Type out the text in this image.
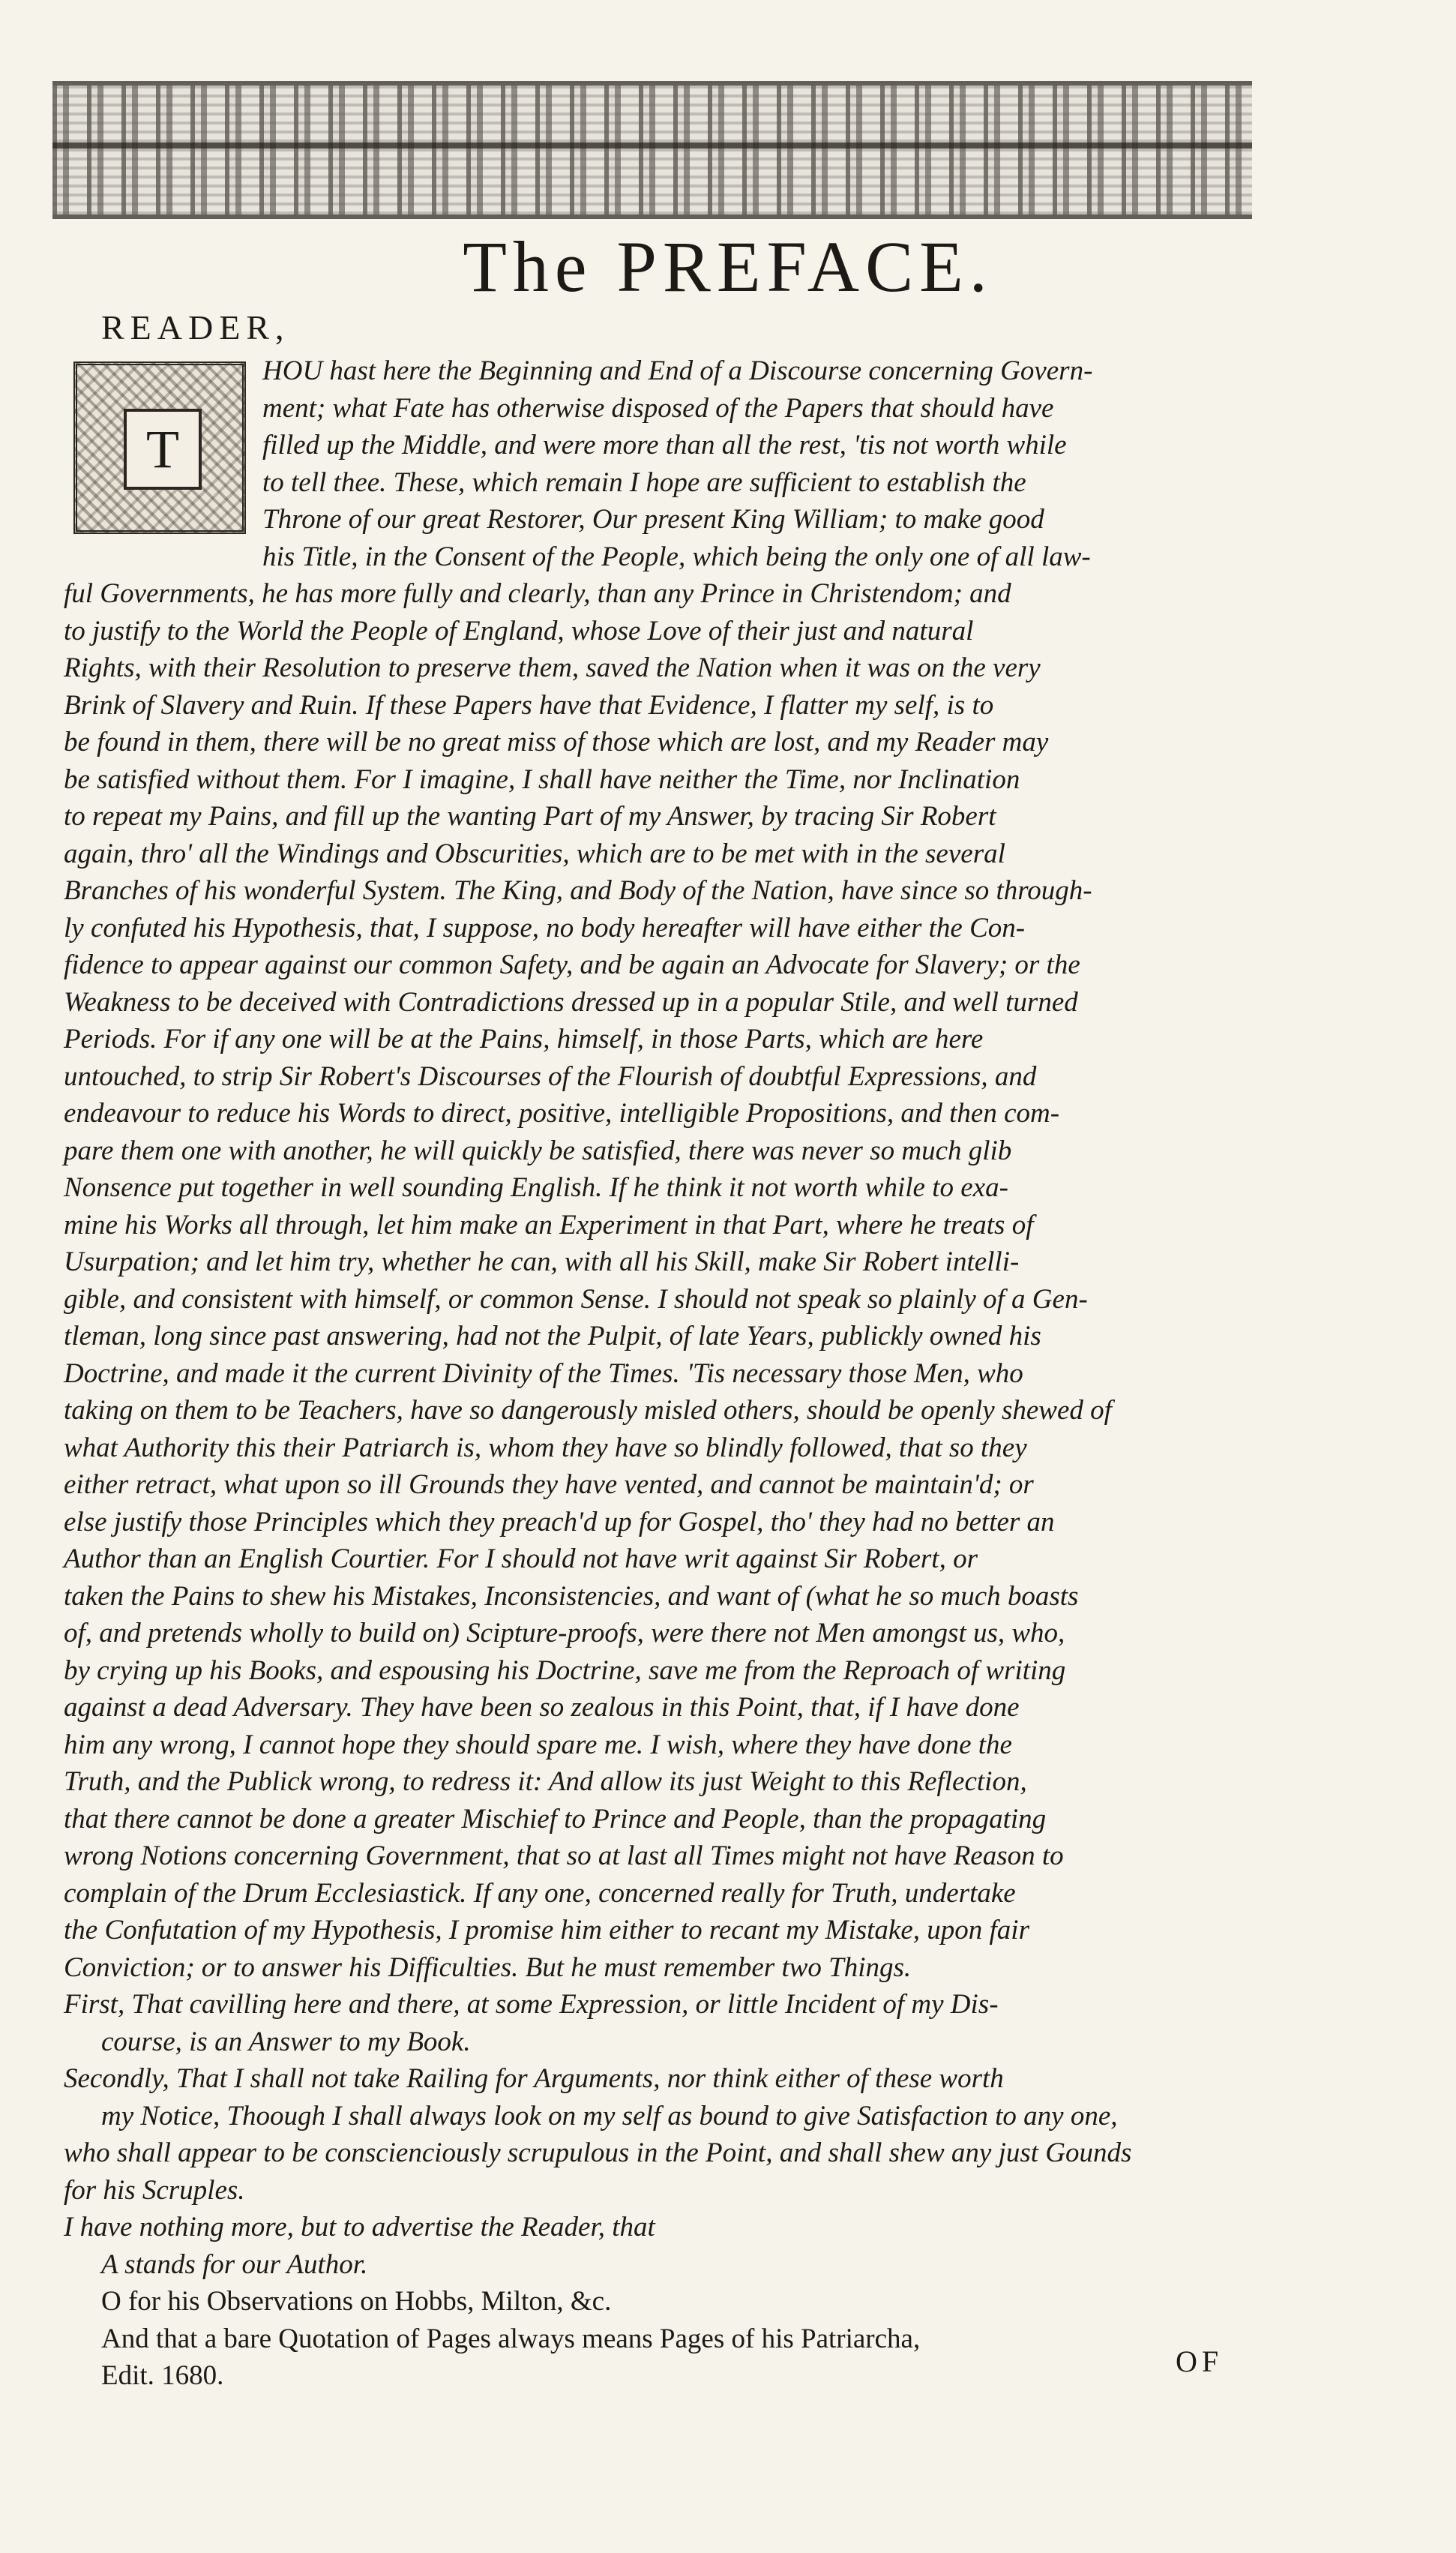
The PREFACE.
READER,
T
HOU hast here the Beginning and End of a Discourse concerning Govern-
ment; what Fate has otherwise disposed of the Papers that should have
filled up the Middle, and were more than all the rest, 'tis not worth while
to tell thee. These, which remain I hope are sufficient to establish the
Throne of our great Restorer, Our present King William; to make good
his Title, in the Consent of the People, which being the only one of all law-
ful Governments, he has more fully and clearly, than any Prince in Christendom; and
to justify to the World the People of England, whose Love of their just and natural
Rights, with their Resolution to preserve them, saved the Nation when it was on the very
Brink of Slavery and Ruin. If these Papers have that Evidence, I flatter my self, is to
be found in them, there will be no great miss of those which are lost, and my Reader may
be satisfied without them. For I imagine, I shall have neither the Time, nor Inclination
to repeat my Pains, and fill up the wanting Part of my Answer, by tracing Sir Robert
again, thro' all the Windings and Obscurities, which are to be met with in the several
Branches of his wonderful System. The King, and Body of the Nation, have since so through-
ly confuted his Hypothesis, that, I suppose, no body hereafter will have either the Con-
fidence to appear against our common Safety, and be again an Advocate for Slavery; or the
Weakness to be deceived with Contradictions dressed up in a popular Stile, and well turned
Periods. For if any one will be at the Pains, himself, in those Parts, which are here
untouched, to strip Sir Robert's Discourses of the Flourish of doubtful Expressions, and
endeavour to reduce his Words to direct, positive, intelligible Propositions, and then com-
pare them one with another, he will quickly be satisfied, there was never so much glib
Nonsence put together in well sounding English. If he think it not worth while to exa-
mine his Works all through, let him make an Experiment in that Part, where he treats of
Usurpation; and let him try, whether he can, with all his Skill, make Sir Robert intelli-
gible, and consistent with himself, or common Sense. I should not speak so plainly of a Gen-
tleman, long since past answering, had not the Pulpit, of late Years, publickly owned his
Doctrine, and made it the current Divinity of the Times. 'Tis necessary those Men, who
taking on them to be Teachers, have so dangerously misled others, should be openly shewed of
what Authority this their Patriarch is, whom they have so blindly followed, that so they
either retract, what upon so ill Grounds they have vented, and cannot be maintain'd; or
else justify those Principles which they preach'd up for Gospel, tho' they had no better an
Author than an English Courtier. For I should not have writ against Sir Robert, or
taken the Pains to shew his Mistakes, Inconsistencies, and want of (what he so much boasts
of, and pretends wholly to build on) Scipture-proofs, were there not Men amongst us, who,
by crying up his Books, and espousing his Doctrine, save me from the Reproach of writing
against a dead Adversary. They have been so zealous in this Point, that, if I have done
him any wrong, I cannot hope they should spare me. I wish, where they have done the
Truth, and the Publick wrong, to redress it: And allow its just Weight to this Reflection,
that there cannot be done a greater Mischief to Prince and People, than the propagating
wrong Notions concerning Government, that so at last all Times might not have Reason to
complain of the Drum Ecclesiastick. If any one, concerned really for Truth, undertake
the Confutation of my Hypothesis, I promise him either to recant my Mistake, upon fair
Conviction; or to answer his Difficulties. But he must remember two Things.
First, That cavilling here and there, at some Expression, or little Incident of my Dis-
course, is an Answer to my Book.
Secondly, That I shall not take Railing for Arguments, nor think either of these worth
my Notice, Thoough I shall always look on my self as bound to give Satisfaction to any one,
who shall appear to be conscienciously scrupulous in the Point, and shall shew any just Gounds
for his Scruples.
I have nothing more, but to advertise the Reader, that
A stands for our Author.
O for his Observations on Hobbs, Milton, &c.
And that a bare Quotation of Pages always means Pages of his Patriarcha,
Edit. 1680.	OF
